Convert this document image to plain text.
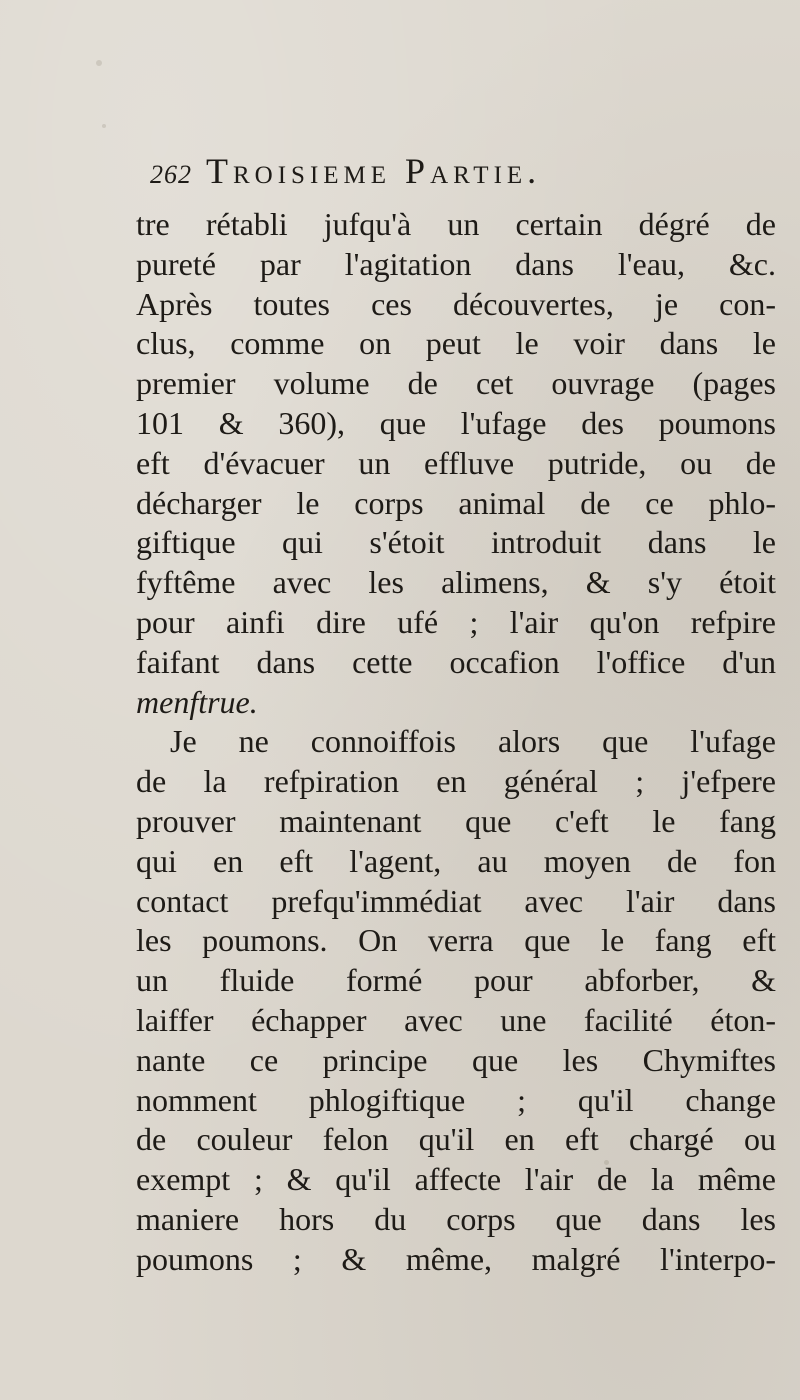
262 Troisieme Partie.
tre rétabli jufqu'à un certain dégré de
pureté par l'agitation dans l'eau, &c.
Après toutes ces découvertes, je con-
clus, comme on peut le voir dans le
premier volume de cet ouvrage (pages
101 & 360), que l'ufage des poumons
eft d'évacuer un effluve putride, ou de
décharger le corps animal de ce phlo-
giftique qui s'étoit introduit dans le
fyftême avec les alimens, & s'y étoit
pour ainfi dire ufé ; l'air qu'on refpire
faifant dans cette occafion l'office d'un
menftrue.
Je ne connoiffois alors que l'ufage
de la refpiration en général ; j'efpere
prouver maintenant que c'eft le fang
qui en eft l'agent, au moyen de fon
contact prefqu'immédiat avec l'air dans
les poumons. On verra que le fang eft
un fluide formé pour abforber, &
laiffer échapper avec une facilité éton-
nante ce principe que les Chymiftes
nomment phlogiftique ; qu'il change
de couleur felon qu'il en eft chargé ou
exempt ; & qu'il affecte l'air de la même
maniere hors du corps que dans les
poumons ; & même, malgré l'interpo-
